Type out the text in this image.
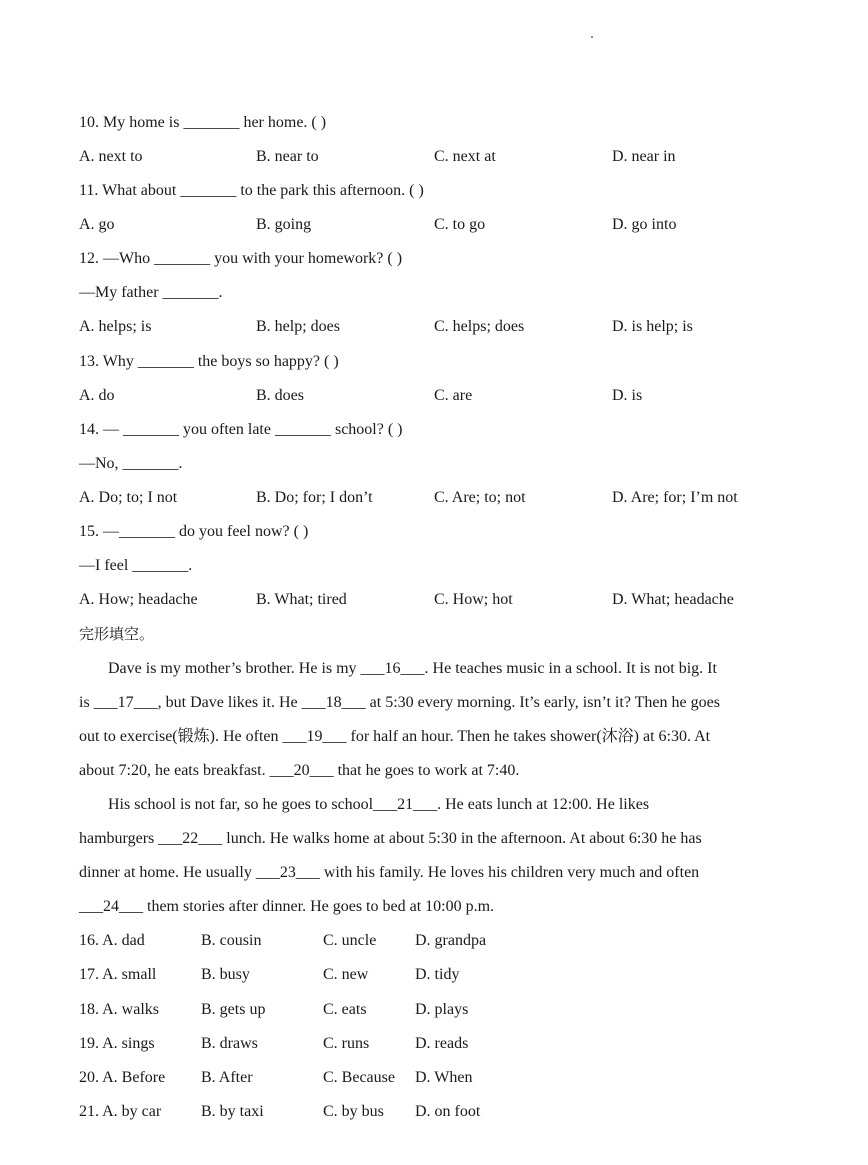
10. My home is _______ her home. ( )
A. next to	B. near to	C. next at	D. near in
11. What about _______ to the park this afternoon. ( )
A. go	B. going	C. to go	D. go into
12. —Who _______ you with your homework? ( )
—My father _______.
A. helps; is	B. help; does	C. helps; does	D. is help; is
13. Why _______ the boys so happy? ( )
A. do	B. does	C. are	D. is
14. — _______ you often late _______ school? ( )
—No, _______.
A. Do; to; I not	B. Do; for; I don’t	C. Are; to; not	D. Are; for; I’m not
15. —_______ do you feel now? ( )
—I feel _______.
A. How; headache	B. What; tired	C. How; hot	D. What; headache
完形填空。
Dave is my mother’s brother. He is my ___16___. He teaches music in a school. It is not big. It
is ___17___, but Dave likes it. He ___18___ at 5:30 every morning. It’s early, isn’t it? Then he goes
out to exercise(锻炼). He often ___19___ for half an hour. Then he takes shower(沐浴) at 6:30. At
about 7:20, he eats breakfast. ___20___ that he goes to work at 7:40.
His school is not far, so he goes to school___21___. He eats lunch at 12:00. He likes
hamburgers ___22___ lunch. He walks home at about 5:30 in the afternoon. At about 6:30 he has
dinner at home. He usually ___23___ with his family. He loves his children very much and often
___24___ them stories after dinner. He goes to bed at 10:00 p.m.
16. A. dad	B. cousin	C. uncle D. grandpa
17. A. small	B. busy	C. new	D. tidy
18. A. walks	B. gets up	C. eats	D. plays
19. A. sings	B. draws	C. runs	D. reads
20. A. Before B. After	C. Because D. When
21. A. by car B. by taxi	C. by bus D. on foot
